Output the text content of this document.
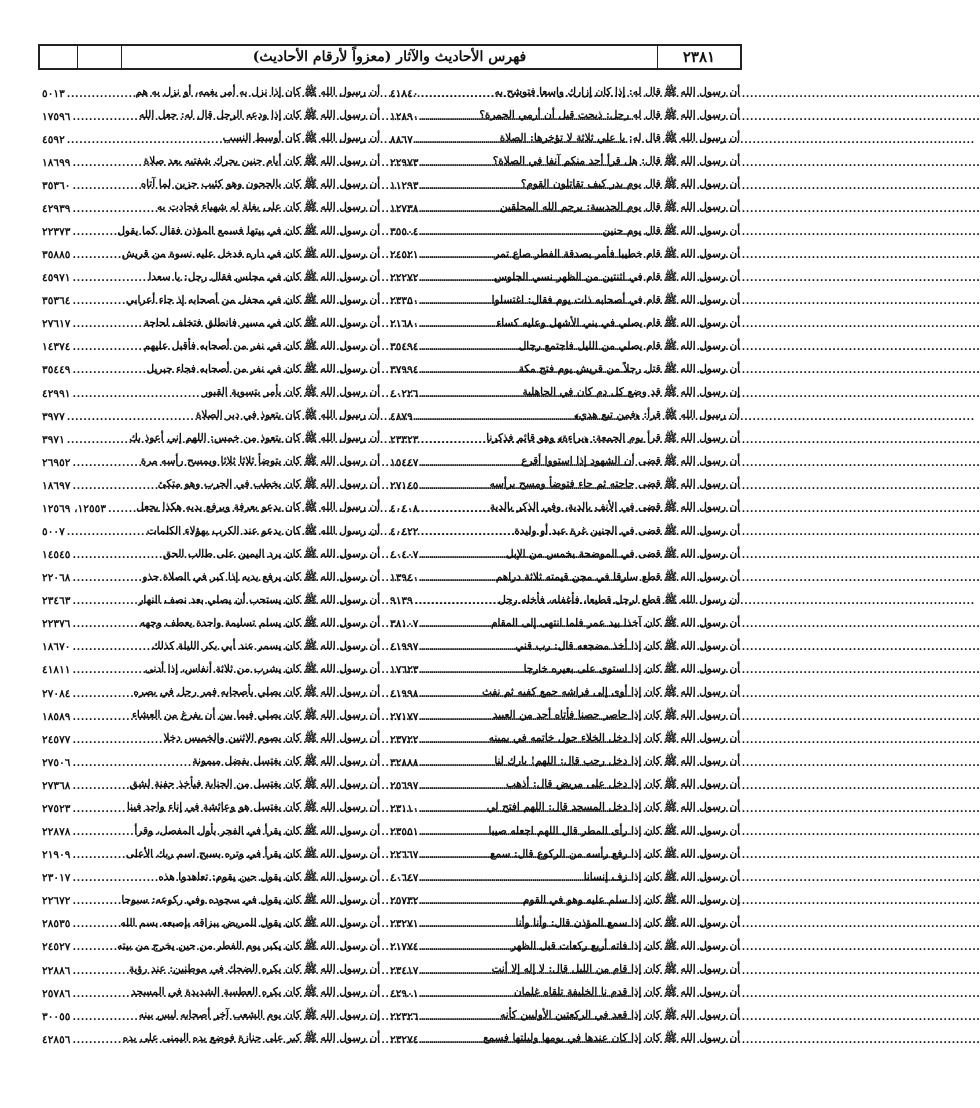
فهرس الأحاديث والآثار (معزواً لأرقام الأحاديث)	٢٣٨١
أن رسول الله ﷺ قال له: إذا كان إزارك واسعا فتوشح به
.....
٤١٨٤٠
أن رسول الله ﷺ قال له رجل: ذبحت قبل أن أرمي الجمرة؟
.....
١٢٨٩٠
أن رسول الله ﷺ قال له: يا علي ثلاثة لا تؤخرها: الصلاة
.....
٨٨٦٧
أن رسول الله ﷺ قال: هل قرأ أحد منكم آنفا في الصلاة؟
.....
٢٢٩٧٣
أن رسول الله ﷺ قال يوم بدر كيف تقاتلون القوم؟
.....
١١٢٩٣
أن رسول الله ﷺ قال يوم الحديبية: يرحم الله المحلقين
.....
١٢٧٣٨
أن رسول الله ﷺ قال يوم حنين
.....
٣٥٥٠٤
أن رسول الله ﷺ قام خطيبا فأمر بصدقة الفطر صاع تمر
.....
٢٤٥٢١
أن رسول الله ﷺ قام في اثنتين من الظهر نسي الجلوس
.....
٢٢٢٧٢
أن رسول الله ﷺ قام في أصحابه ذات يوم فقال: اغتسلوا
.....
٢٣٣٥٠
أن رسول الله ﷺ قام يصلي في بني الأشهل وعليه كساء
.....
٢١٦٨٠
أن رسول الله ﷺ قام يصلي من الليل فاجتمع رجال
.....
٣٥٤٩٤
أن رسول الله ﷺ قتل رجلاً من قريش يوم فتح مكة
.....
٣٧٩٩٤
إن رسول الله ﷺ قد وضع كل دم كان في الجاهلية
.....
٤٠٢٢٦
أن رسول الله ﷺ قرأ: ﴿فمن تبع هدي﴾
.....
٤٨٧٩
أن رسول الله ﷺ قرأ يوم الجمعة: ﴿براءة﴾ وهو قائم فذكرنا
.....
٢٣٣٢٣
أن رسول الله ﷺ قضى أن الشهود إذا استووا أقرع
.....
١٥٤٤٧
أن رسول الله ﷺ قضى حاجته ثم جاء فتوضأ ومسح برأسه
.....
٢٧١٤٥
أن رسول الله ﷺ قضى في الأنف بالدية، وفي الذكر بالدية
.....
٤٠٤٠٨
أن رسول الله ﷺ قضى في الجنين غرة عبد أو وليدة
.....
٤٠٤٢٢
أن رسول الله ﷺ قضى في الموضحة بخمس من الإبل
.....
٤٠٤٠٧
أن رسول الله ﷺ قطع سارقا في مجن قيمته ثلاثة دراهم
.....
١٣٩٤٠
أن رسول الله ﷺ قطع لرجل قطيعا، فأغفله، فأخله رجل
.....
٩١٣٩
أن رسول الله ﷺ كان آخذا بيد عمر فلما انتهى إلى المقام
.....
٣٨١٠٧
أن رسول الله ﷺ كان إذا أخذ مضجعه قال: رب قني
.....
٤١٩٩٧
أن رسول الله ﷺ كان إذا استوى على بعيره خارجا
.....
١٧٦٢٣
أن رسول الله ﷺ كان إذا أوى إلى فراشه جمع كفيه ثم نفث
.....
٤١٩٩٨
أن رسول الله ﷺ كان إذا حاصر حصنا فأتاه أحد من العبيد
.....
٢٧١٧٧
أن رسول الله ﷺ كان إذا دخل الخلاء حول خاتمه في يمينه
.....
٢٣٧٢٢
أن رسول الله ﷺ كان إذا دخل رجب قال: اللهم! بارك لنا
.....
٣٢٨٨٨
أن رسول الله ﷺ كان إذا دخل على مريض قال: أذهب
.....
٢٥٦٩٧
أن رسول الله ﷺ كان إذا دخل المسجد قال: اللهم افتح لي
.....
٢٣١١٠
أن رسول الله ﷺ كان إذا رأى المطر قال اللهم اجعله صيبا
.....
٢٣٥٥١
أن رسول الله ﷺ كان إذا رفع رأسه من الركوع قال: سمع
.....
٢٢٦٦٧
أن رسول الله ﷺ كان إذا زف إنسانا
.....
٤٠٦٤٧
إن رسول الله ﷺ كان إذا سلم عليه وهو في القوم
.....
٢٥٧٣٢
أن رسول الله ﷺ كان إذا سمع المؤذن قال: وأنا وأنا
.....
٢٣٢٧١
أن رسول الله ﷺ كان إذا فاته أربع ركعات قبل الظهر
.....
٢١٧٧٤
أن رسول الله ﷺ كان إذا قام من الليل قال: لا إله إلا أنت
.....
٢٣٤١٧
أن رسول الله ﷺ كان إذا قدم نا الخليفة تلقاه غلمان
.....
٤٢٩٠١
أن رسول الله ﷺ كان إذا قعد في الركعتين الأوليين كأنه
.....
٢٢٣٢٦
أن رسول الله ﷺ كان إذا كان عندها في يومها وليلتها فسمع
.....
٢٣٢٧٤
أن رسول الله ﷺ كان إذا نزل به أمر يغمه، أو نزل به هم
.....
٥٠١٣
أن رسول الله ﷺ كان إذا ودعه الرجل قال له: جعل الله
.....
١٧٥٩٦
أن رسول الله ﷺ كان أوسط النسب
.....
٤٥٩٢
أن رسول الله ﷺ كان أيام حنين يحرك شفتيه بعد صلاة
.....
١٨٦٩٩
أن رسول الله ﷺ كان بالجحون وهو كئيب حزين لما آتاه
.....
٣٥٣٦٠
أن رسول الله ﷺ كان على بغلة له شهباء فحادت به
.....
٤٢٩٣٩
أن رسول الله ﷺ كان في بيتها فسمع المؤذن فقال كما يقول
.....
٢٢٣٧٣
أن رسول الله ﷺ كان في داره فدخل عليه نسوة من قريش
.....
٣٥٨٨٥
أن رسول الله ﷺ كان في مجلس فقال رجل: يا سعدا
.....
٤٥٩٧١
أن رسول الله ﷺ كان في محفل من أصحابه إذ جاء أعرابي
.....
٣٥٣٦٤
أن رسول الله ﷺ كان في مسير فانطلق فتخلف لحاجة
.....
٢٧٦١٧
أن رسول الله ﷺ كان في نفر من أصحابه فأقبل عليهم
.....
١٤٣٧٤
أن رسول الله ﷺ كان في نفر من أصحابه فجاء جبريل
.....
٣٥٤٤٩
أن رسول الله ﷺ كان يأمر بتسوية القبور
.....
٤٢٩٩١
أن رسول الله ﷺ كان يتعوذ في دبر الصلاة
.....
٣٩٧٧
أن رسول الله ﷺ كان يتعوذ من خمس: اللهم إني أعوذ بك
.....
٣٩٧١
أن رسول الله ﷺ كان يتوضأ ثلاثا ثلاثا ويمسح رأسه مرة
.....
٢٦٩٥٢
أن رسول الله ﷺ كان يخطب في الحرب وهو متكئ
.....
١٨٦٩٧
أن رسول الله ﷺ كان يدعو بعرفة ويرفع يديه هكذا يجعل
.....
١٢٥٥٣، ١٢٥٦٩
أن رسول الله ﷺ كان يدعو عند الكرب بهؤلاء الكلمات
.....
٥٠٠٧
أن رسول الله ﷺ كان يرد اليمين على طالب الحق
.....
١٤٥٤٥
أن رسول الله ﷺ كان يرفع يديه إذا كبر في الصلاة حذو
.....
٢٢٠٦٨
أن رسول الله ﷺ كان يستحب أن يصلي بعد نصف النهار
.....
٢٣٤٦٣
أن رسول الله ﷺ كان يسلم تسليمة واحدة يعطف وجهه
.....
٢٢٣٧٦
أن رسول الله ﷺ كان يسمر عند أبي بكر الليلة كذلك
.....
١٨٦٧٠
أن رسول الله ﷺ كان يشرب من ثلاثة أنفاس، إذا أدنى
.....
٤١٨١١
أن رسول الله ﷺ كان يصلي بأصحابه فمر رجل في بصره
.....
٢٧٠٨٤
أن رسول الله ﷺ كان يصلي فيما بين أن يفرغ من العشاء
.....
١٨٥٨٩
أن رسول الله ﷺ كان يصوم الاثنين والخميس دخلا
.....
٢٤٥٧٧
أن رسول الله ﷺ كان يغتسل بفضل ميمونة
.....
٢٧٥٠٦
أن رسول الله ﷺ كان يغتسل من الجنابة فيأخذ حفنة لشق
.....
٢٧٣٦٨
أن رسول الله ﷺ كان يغتسل هو وعائشة في إناء واحد فينا
.....
٢٧٥٢٣
أن رسول الله ﷺ كان يقرأ في الفجر بأول المفصل، وقرأ
.....
٢٢٨٧٨
أن رسول الله ﷺ كان يقرأ في وتره بسبح اسم ربك الأعلى
.....
٢١٩٠٩
أن رسول الله ﷺ كان يقول حين يقوم: تعاهدوا هذه
.....
٢٣٠١٧
أن رسول الله ﷺ كان يقول في سجوده وفي ركوعه: سبوحا
.....
٢٢٦٧٢
أن رسول الله ﷺ كان يقول للمريض ببزاقه بإصبعه بسم الله
.....
٢٨٥٣٥
أن رسول الله ﷺ كان يكبر يوم الفطر من حين يخرج من بيته
.....
٢٤٥٢٧
أن رسول الله ﷺ كان يكره الضحك في موطنين: عند رؤية
.....
٢٢٨٨٦
أن رسول الله ﷺ كان يكره العطسة الشديدة في المسجد
.....
٢٥٧٨٦
إن رسول الله ﷺ كان يوم الشعب آخر أصحابه ليس بينه
.....
٣٠٠٥٥
أن رسول الله ﷺ كبر على جنازة فوضع يده اليمنى على يده
.....
٤٢٨٥٦
